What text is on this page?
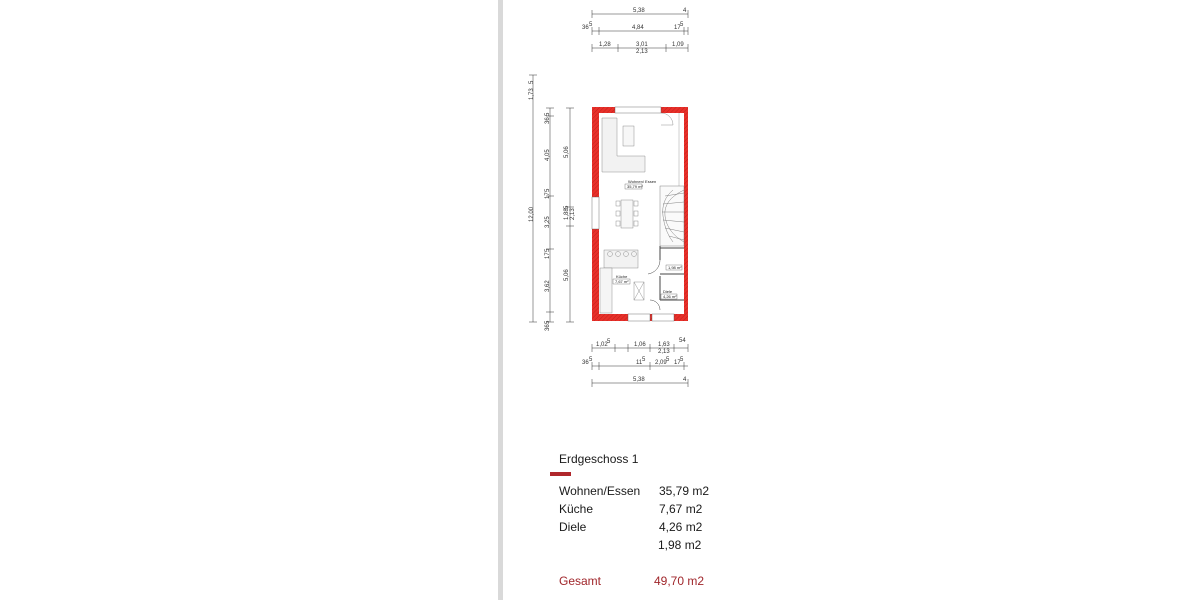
5,38	4
36 5	4,84	17 5
1,28	3,01	1,09
2,13
1,73
5
12,00
36
5
4,05
17
5
3,25
17
5
3,62
36
5
5,06
1,88
5
2,13
5,06
Wohnen/ Essen
35,79 m²
Küche
7,67 m²
1,98 m²
Diele
4,26 m²
1,02 5	1,06 1,63
2,13
54
36 5	11 5 2,09 5 17 5
5,38	4
Erdgeschoss 1
Wohnen/Essen 35,79 m2
Küche	7,67 m2
Diele	4,26 m2
1,98 m2
Gesamt	49,70 m2
